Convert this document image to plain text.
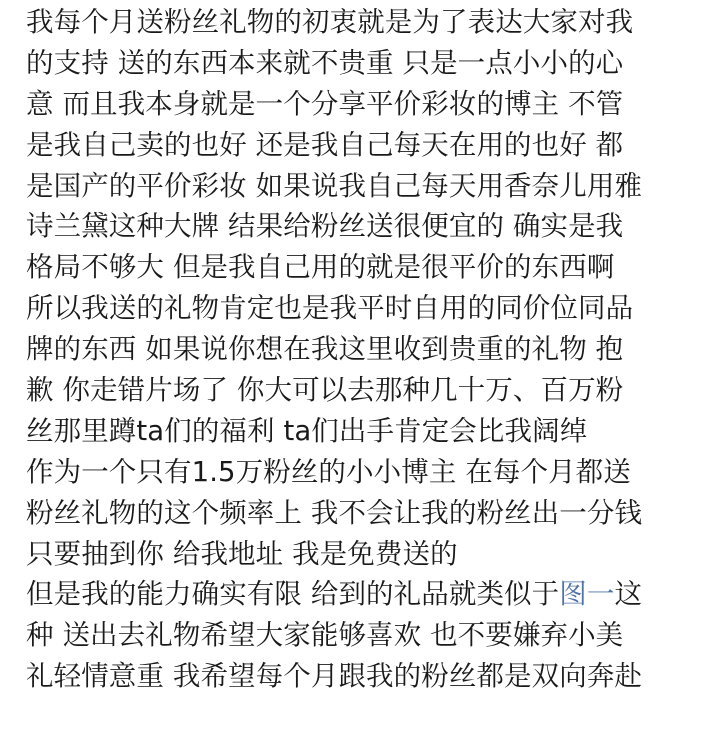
我每个月送粉丝礼物的初衷就是为了表达大家对我
的支持 送的东西本来就不贵重 只是一点小小的心
意 而且我本身就是一个分享平价彩妆的博主 不管
是我自己卖的也好 还是我自己每天在用的也好 都
是国产的平价彩妆 如果说我自己每天用香奈儿用雅
诗兰黛这种大牌 结果给粉丝送很便宜的 确实是我
格局不够大 但是我自己用的就是很平价的东西啊
所以我送的礼物肯定也是我平时自用的同价位同品
牌的东西 如果说你想在我这里收到贵重的礼物 抱
歉 你走错片场了 你大可以去那种几十万、百万粉
丝那里蹲ta们的福利 ta们出手肯定会比我阔绰
作为一个只有1.5万粉丝的小小博主 在每个月都送
粉丝礼物的这个频率上 我不会让我的粉丝出一分钱
只要抽到你 给我地址 我是免费送的
但是我的能力确实有限 给到的礼品就类似于图一这
种 送出去礼物希望大家能够喜欢 也不要嫌弃小美
礼轻情意重 我希望每个月跟我的粉丝都是双向奔赴
